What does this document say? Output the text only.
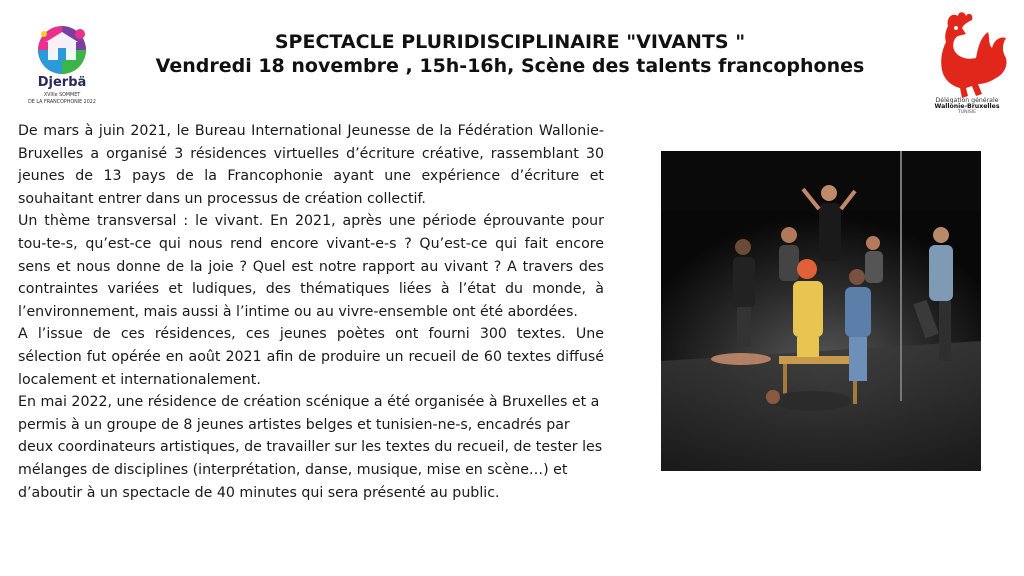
Djerbä
XVIIIe SOMMET
DE LA FRANCOPHONIE 2022
SPECTACLE PLURIDISCIPLINAIRE "VIVANTS "
Vendredi 18 novembre , 15h-16h, Scène des talents francophones
Délégation générale
Wallonie-Bruxelles
TUNISIE

De mars à juin 2021, le Bureau International Jeunesse de la Fédération Wallonie-Bruxelles a organisé 3 résidences virtuelles d’écriture créative, rassemblant 30 jeunes de 13 pays de la Francophonie ayant une expérience d’écriture et souhaitant entrer dans un processus de création collectif.

Un thème transversal : le vivant. En 2021, après une période éprouvante pour tou-te-s, qu’est-ce qui nous rend encore vivant-e-s ? Qu’est-ce qui fait encore sens et nous donne de la joie ? Quel est notre rapport au vivant ? A travers des contraintes variées et ludiques, des thématiques liées à l’état du monde, à l’environnement, mais aussi à l’intime ou au vivre-ensemble ont été abordées.

A l’issue de ces résidences, ces jeunes poètes ont fourni 300 textes. Une sélection fut opérée en août 2021 afin de produire un recueil de 60 textes diffusé localement et internationalement.

En mai 2022, une résidence de création scénique a été organisée à Bruxelles et a permis à un groupe de 8 jeunes artistes belges et tunisien-ne-s, encadrés par deux coordinateurs artistiques, de travailler sur les textes du recueil, de tester les mélanges de disciplines (interprétation, danse, musique, mise en scène…) et d’aboutir à un spectacle de 40 minutes qui sera présenté au public.
